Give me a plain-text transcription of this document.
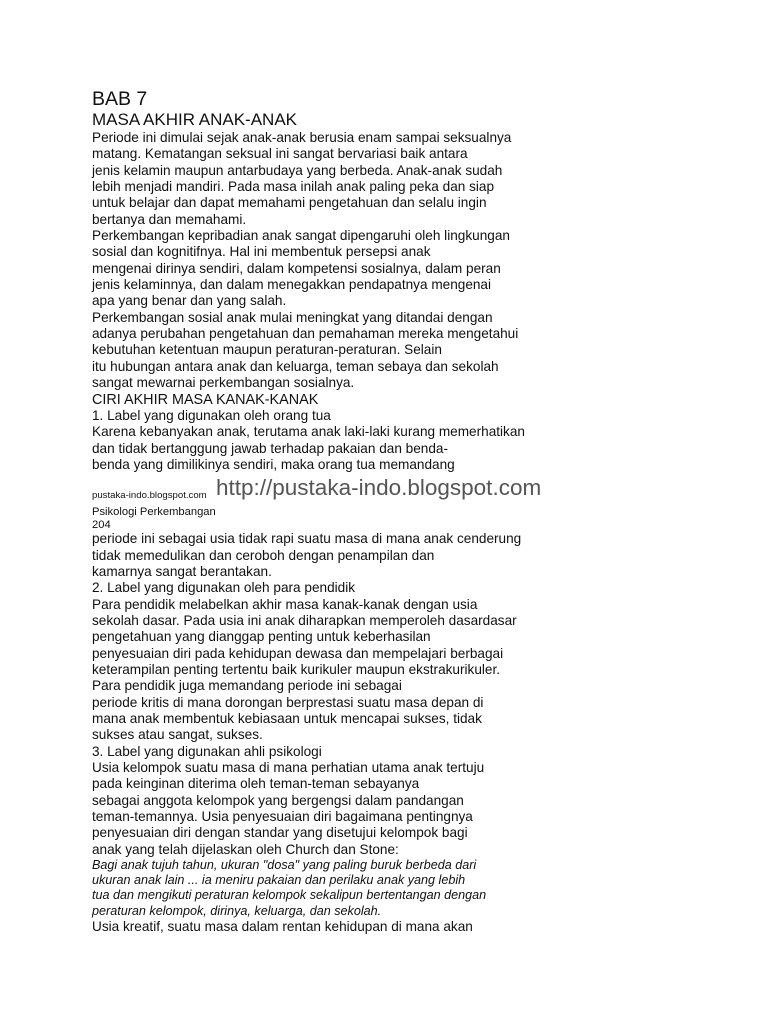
BAB 7
MASA AKHIR ANAK-ANAK
Periode ini dimulai sejak anak-anak berusia enam sampai seksualnya
matang. Kematangan seksual ini sangat bervariasi baik antara
jenis kelamin maupun antarbudaya yang berbeda. Anak-anak sudah
lebih menjadi mandiri. Pada masa inilah anak paling peka dan siap
untuk belajar dan dapat memahami pengetahuan dan selalu ingin
bertanya dan memahami.
Perkembangan kepribadian anak sangat dipengaruhi oleh lingkungan
sosial dan kognitifnya. Hal ini membentuk persepsi anak
mengenai dirinya sendiri, dalam kompetensi sosialnya, dalam peran
jenis kelaminnya, dan dalam menegakkan pendapatnya mengenai
apa yang benar dan yang salah.
Perkembangan sosial anak mulai meningkat yang ditandai dengan
adanya perubahan pengetahuan dan pemahaman mereka mengetahui
kebutuhan ketentuan maupun peraturan-peraturan. Selain
itu hubungan antara anak dan keluarga, teman sebaya dan sekolah
sangat mewarnai perkembangan sosialnya.
CIRI AKHIR MASA KANAK-KANAK
1. Label yang digunakan oleh orang tua
Karena kebanyakan anak, terutama anak laki-laki kurang memerhatikan
dan tidak bertanggung jawab terhadap pakaian dan benda-
benda yang dimilikinya sendiri, maka orang tua memandang
pustaka-indo.blogspot.com http://pustaka-indo.blogspot.com
Psikologi Perkembangan
204
periode ini sebagai usia tidak rapi suatu masa di mana anak cenderung
tidak memedulikan dan ceroboh dengan penampilan dan
kamarnya sangat berantakan.
2. Label yang digunakan oleh para pendidik
Para pendidik melabelkan akhir masa kanak-kanak dengan usia
sekolah dasar. Pada usia ini anak diharapkan memperoleh dasardasar
pengetahuan yang dianggap penting untuk keberhasilan
penyesuaian diri pada kehidupan dewasa dan mempelajari berbagai
keterampilan penting tertentu baik kurikuler maupun ekstrakurikuler.
Para pendidik juga memandang periode ini sebagai
periode kritis di mana dorongan berprestasi suatu masa depan di
mana anak membentuk kebiasaan untuk mencapai sukses, tidak
sukses atau sangat, sukses.
3. Label yang digunakan ahli psikologi
Usia kelompok suatu masa di mana perhatian utama anak tertuju
pada keinginan diterima oleh teman-teman sebayanya
sebagai anggota kelompok yang bergengsi dalam pandangan
teman-temannya. Usia penyesuaian diri bagaimana pentingnya
penyesuaian diri dengan standar yang disetujui kelompok bagi
anak yang telah dijelaskan oleh Church dan Stone:
Bagi anak tujuh tahun, ukuran "dosa" yang paling buruk berbeda dari
ukuran anak lain ... ia meniru pakaian dan perilaku anak yang lebih
tua dan mengikuti peraturan kelompok sekalipun bertentangan dengan
peraturan kelompok, dirinya, keluarga, dan sekolah.
Usia kreatif, suatu masa dalam rentan kehidupan di mana akan
